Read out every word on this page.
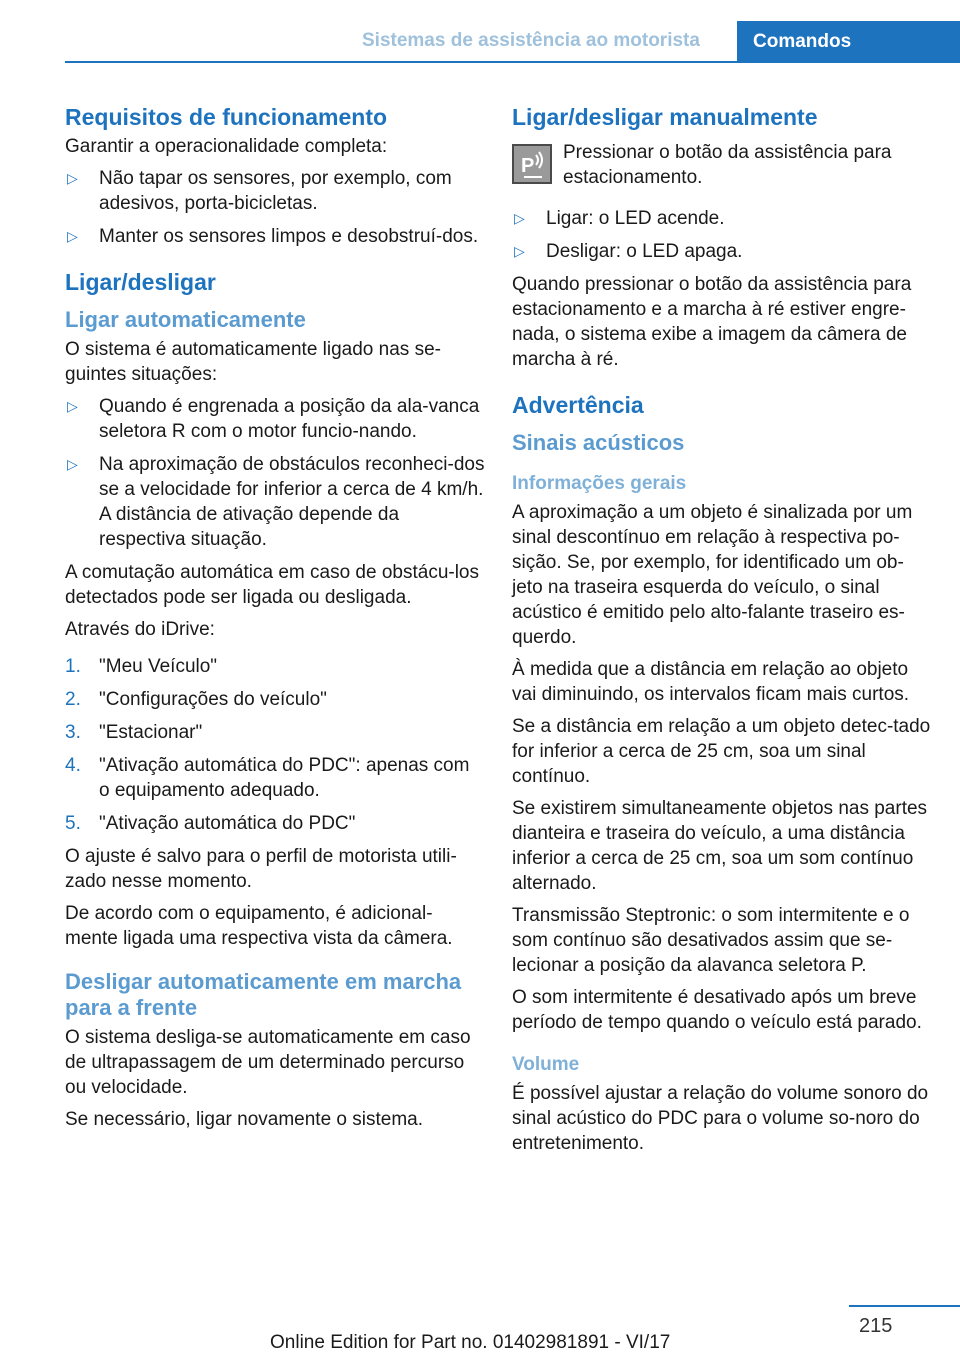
Sistemas de assistência ao motorista	Comandos
Requisitos de funcionamento

Garantir a operacionalidade completa:

▷ Não tapar os sensores, por exemplo, com adesivos, porta-bicicletas.
▷ Manter os sensores limpos e desobstruí-dos.
Ligar/desligar
Ligar automaticamente

O sistema é automaticamente ligado nas se-guintes situações:

▷ Quando é engrenada a posição da ala-vanca seletora R com o motor funcio-nando.
▷ Na aproximação de obstáculos reconheci-dos se a velocidade for inferior a cerca de 4 km/h. A distância de ativação depende da respectiva situação.

A comutação automática em caso de obstácu-los detectados pode ser ligada ou desligada.

Através do iDrive:

1. "Meu Veículo"
2. "Configurações do veículo"
3. "Estacionar"
4. "Ativação automática do PDC": apenas com o equipamento adequado.
5. "Ativação automática do PDC"

O ajuste é salvo para o perfil de motorista utili-zado nesse momento.

De acordo com o equipamento, é adicional-mente ligada uma respectiva vista da câmera.

Desligar automaticamente em marcha para a frente

O sistema desliga-se automaticamente em caso de ultrapassagem de um determinado percurso ou velocidade.

Se necessário, ligar novamente o sistema.

Ligar/desligar manualmente
P

Pressionar o botão da assistência para estacionamento.

▷ Ligar: o LED acende.
▷ Desligar: o LED apaga.

Quando pressionar o botão da assistência para estacionamento e a marcha à ré estiver engre-nada, o sistema exibe a imagem da câmera de marcha à ré.

Advertência
Sinais acústicos
Informações gerais

A aproximação a um objeto é sinalizada por um sinal descontínuo em relação à respectiva po-sição. Se, por exemplo, for identificado um ob-jeto na traseira esquerda do veículo, o sinal acústico é emitido pelo alto-falante traseiro es-querdo.

À medida que a distância em relação ao objeto vai diminuindo, os intervalos ficam mais curtos.

Se a distância em relação a um objeto detec-tado for inferior a cerca de 25 cm, soa um sinal contínuo.

Se existirem simultaneamente objetos nas partes dianteira e traseira do veículo, a uma distância inferior a cerca de 25 cm, soa um som contínuo alternado.

Transmissão Steptronic: o som intermitente e o som contínuo são desativados assim que se-lecionar a posição da alavanca seletora P.

O som intermitente é desativado após um breve período de tempo quando o veículo está parado.

Volume

É possível ajustar a relação do volume sonoro do sinal acústico do PDC para o volume so-noro do entretenimento.

215
Online Edition for Part no. 01402981891 - VI/17
